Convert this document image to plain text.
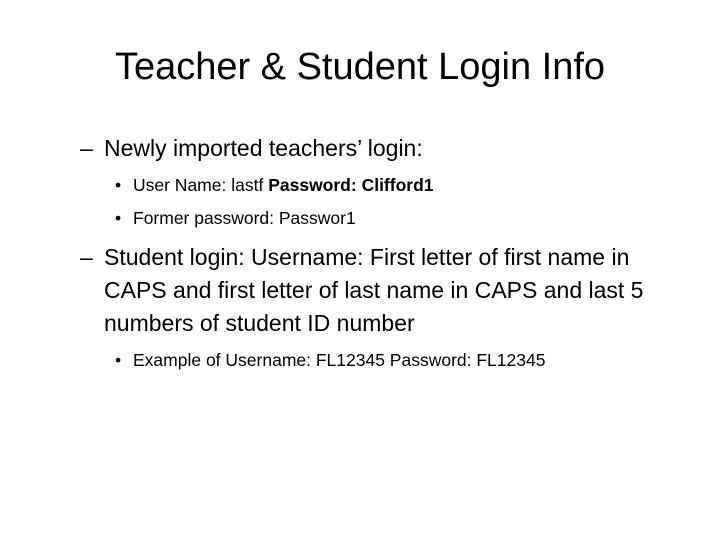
Teacher & Student Login Info
– Newly imported teachers’ login:
• User Name: lastf Password: Clifford1
• Former password: Passwor1
– Student login: Username: First letter of first name in CAPS and first letter of last name in CAPS and last 5 numbers of student ID number
• Example of Username: FL12345 Password: FL12345
